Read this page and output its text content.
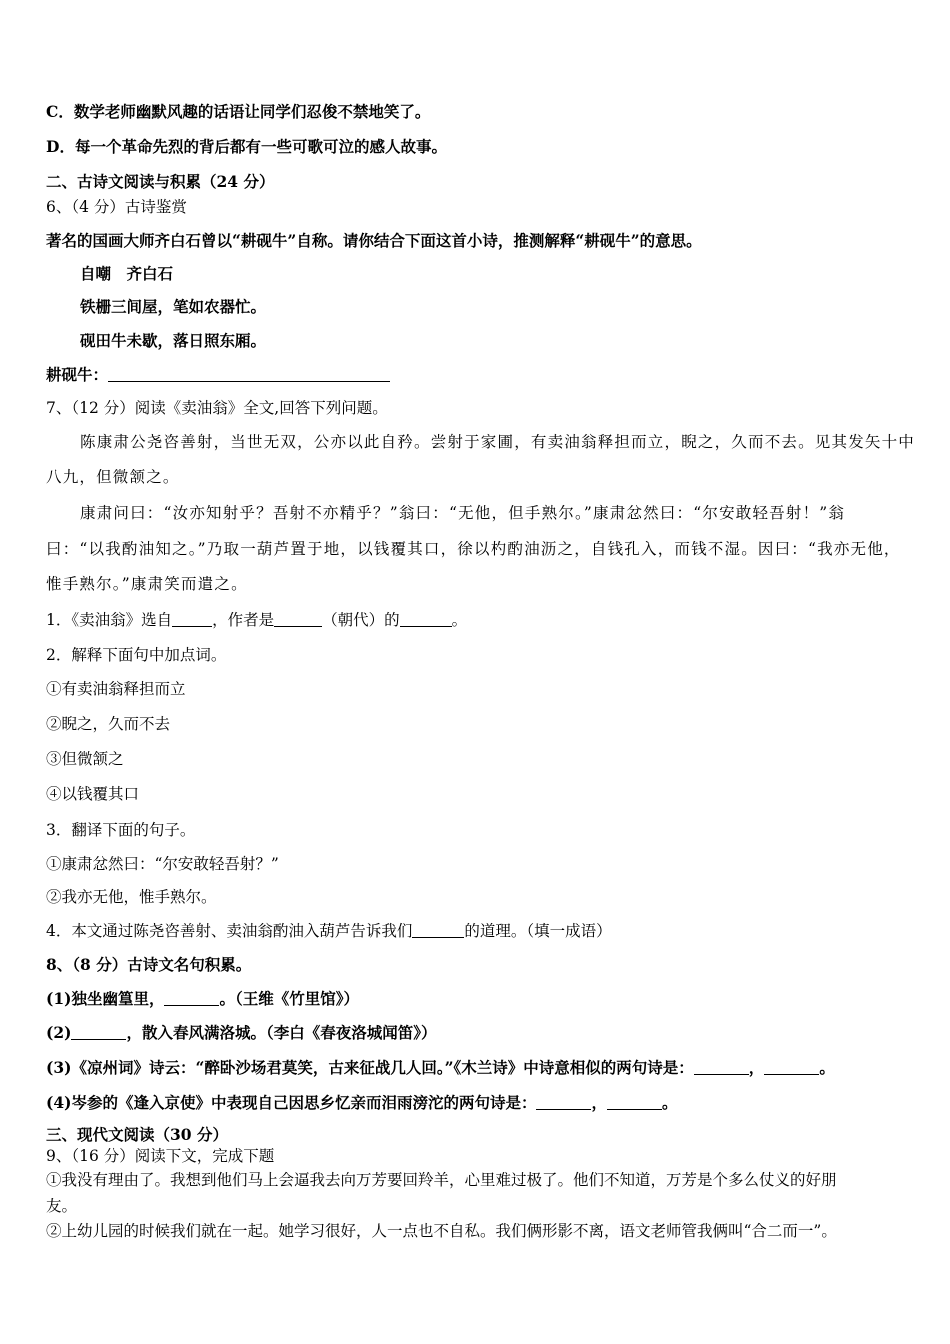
C．数学老师幽默风趣的话语让同学们忍俊不禁地笑了。
D．每一个革命先烈的背后都有一些可歌可泣的感人故事。
二、古诗文阅读与积累（24 分）
6、（4 分）古诗鉴赏
著名的国画大师齐白石曾以“耕砚牛”自称。请你结合下面这首小诗，推测解释“耕砚牛”的意思。
自嘲　齐白石
铁栅三间屋，笔如农器忙。
砚田牛未歇，落日照东厢。
耕砚牛：
7、（12 分）阅读《卖油翁》全文,回答下列问题。
陈康肃公尧咨善射，当世无双，公亦以此自矜。尝射于家圃，有卖油翁释担而立，睨之，久而不去。见其发矢十中
八九，但微颔之。
康肃问曰：“汝亦知射乎？吾射不亦精乎？”翁曰：“无他，但手熟尔。”康肃忿然曰：“尔安敢轻吾射！”翁
曰：“以我酌油知之。”乃取一葫芦置于地，以钱覆其口，徐以杓酌油沥之，自钱孔入，而钱不湿。因曰：“我亦无他，
惟手熟尔。”康肃笑而遣之。
1．《卖油翁》选自	，作者是	（朝代）的	。
2．解释下面句中加点词。
①有卖油翁释担而立
②睨之，久而不去
③但微颔之
④以钱覆其口
3．翻译下面的句子。
①康肃忿然曰：“尔安敢轻吾射？”
②我亦无他，惟手熟尔。
4．本文通过陈尧咨善射、卖油翁酌油入葫芦告诉我们	的道理。（填一成语）
8、（8 分）古诗文名句积累。
(1)独坐幽篁里，	。（王维《竹里馆》）
(2)	，散入春风满洛城。（李白《春夜洛城闻笛》）
(3)《凉州词》诗云：“醉卧沙场君莫笑，古来征战几人回。”《木兰诗》中诗意相似的两句诗是：	，	。
(4)岑参的《逢入京使》中表现自己因思乡忆亲而泪雨滂沱的两句诗是：	，	。
三、现代文阅读（30 分）
9、（16 分）阅读下文，完成下题
①我没有理由了。我想到他们马上会逼我去向万芳要回羚羊，心里难过极了。他们不知道，万芳是个多么仗义的好朋
友。
②上幼儿园的时候我们就在一起。她学习很好，人一点也不自私。我们俩形影不离，语文老师管我俩叫“合二而一”。
